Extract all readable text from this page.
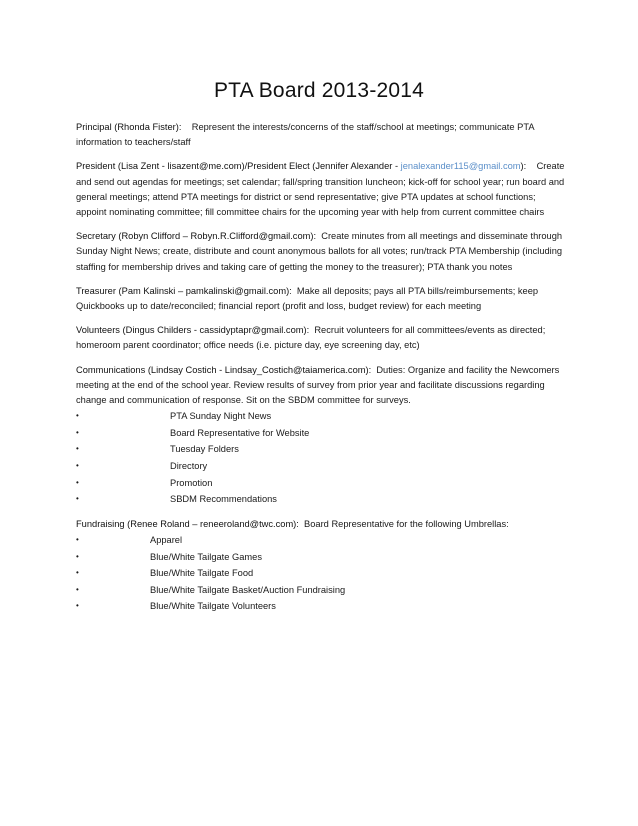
PTA Board 2013-2014

Principal (Rhonda Fister): Represent the interests/concerns of the staff/school at meetings; communicate PTA information to teachers/staff

President (Lisa Zent - lisazent@me.com)/President Elect (Jennifer Alexander - jenalexander115@gmail.com): Create and send out agendas for meetings; set calendar; fall/spring transition luncheon; kick-off for school year; run board and general meetings; attend PTA meetings for district or send representative; give PTA updates at school functions; appoint nominating committee; fill committee chairs for the upcoming year with help from current committee chairs

Secretary (Robyn Clifford – Robyn.R.Clifford@gmail.com): Create minutes from all meetings and disseminate through Sunday Night News; create, distribute and count anonymous ballots for all votes; run/track PTA Membership (including staffing for membership drives and taking care of getting the money to the treasurer); PTA thank you notes

Treasurer (Pam Kalinski – pamkalinski@gmail.com): Make all deposits; pays all PTA bills/reimbursements; keep Quickbooks up to date/reconciled; financial report (profit and loss, budget review) for each meeting

Volunteers (Dingus Childers - cassidyptapr@gmail.com): Recruit volunteers for all committees/events as directed; homeroom parent coordinator; office needs (i.e. picture day, eye screening day, etc)

Communications (Lindsay Costich - Lindsay_Costich@taiamerica.com): Duties: Organize and facility the Newcomers meeting at the end of the school year. Review results of survey from prior year and facilitate discussions regarding change and communication of response. Sit on the SBDM committee for surveys.

•	PTA Sunday Night News
•	Board Representative for Website
•	Tuesday Folders
•	Directory
•	Promotion
•	SBDM Recommendations

Fundraising (Renee Roland – reneeroland@twc.com): Board Representative for the following Umbrellas:

•	Apparel
•	Blue/White Tailgate Games
•	Blue/White Tailgate Food
•	Blue/White Tailgate Basket/Auction Fundraising
•	Blue/White Tailgate Volunteers
